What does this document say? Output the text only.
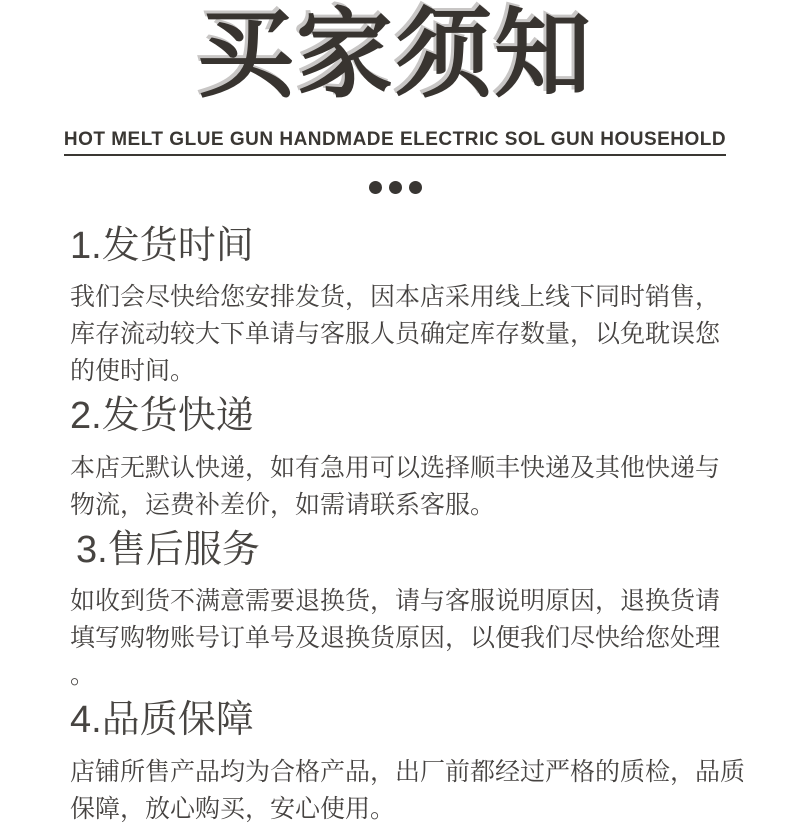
买家须知
HOT MELT GLUE GUN HANDMADE ELECTRIC SOL GUN HOUSEHOLD
1.发货时间
我们会尽快给您安排发货，因本店采用线上线下同时销售，
库存流动较大下单请与客服人员确定库存数量，以免耽误您
的使时间。
2.发货快递
本店无默认快递，如有急用可以选择顺丰快递及其他快递与
物流，运费补差价，如需请联系客服。
3.售后服务
如收到货不满意需要退换货，请与客服说明原因，退换货请
填写购物账号订单号及退换货原因，以便我们尽快给您处理
。
4.品质保障
店铺所售产品均为合格产品，出厂前都经过严格的质检，品质
保障，放心购买，安心使用。
